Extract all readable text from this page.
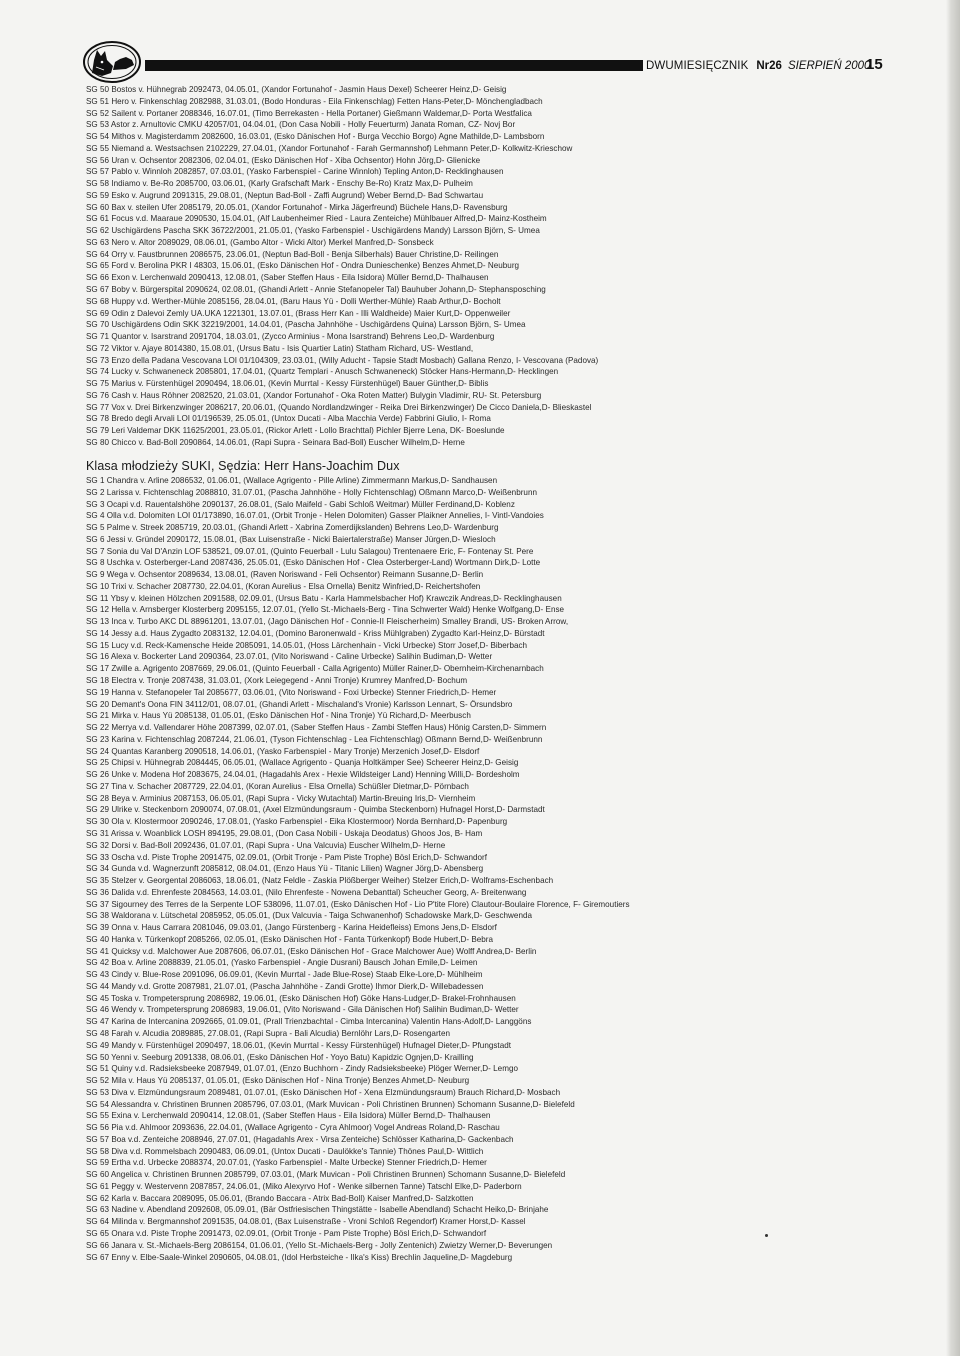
DWUMIESIĘCZNIK Nr26 SIERPIEŃ 2000
15
SG 50 Bostos v. Hühnegrab 2092473, 04.05.01, (Xandor Fortunahof - Jasmin Haus Dexel) Scheerer Heinz,D- Geisig
SG 51 Hero v. Finkenschlag 2082988, 31.03.01, (Bodo Honduras - Eila Finkenschlag) Fetten Hans-Peter,D- Mönchengladbach
SG 52 Sailent v. Portaner 2088346, 16.07.01, (Timo Berrekasten - Hella Portaner) Gießmann Waldemar,D- Porta Westfalica
SG 53 Astor z. Arnultovic CMKU 42057/01, 04.04.01, (Don Casa Nobili - Holly Feuerturm) Janata Roman, CZ- Novj Bor
SG 54 Mithos v. Magisterdamm 2082600, 16.03.01, (Esko Dänischen Hof - Burga Vecchio Borgo) Agne Mathilde,D- Lambsborn
SG 55 Niemand a. Westsachsen 2102229, 27.04.01, (Xandor Fortunahof - Farah Germannshof) Lehmann Peter,D- Kolkwitz-Krieschow
SG 56 Uran v. Ochsentor 2082306, 02.04.01, (Esko Dänischen Hof - Xiba Ochsentor) Hohn Jörg,D- Glienicke
SG 57 Pablo v. Winnloh 2082857, 07.03.01, (Yasko Farbenspiel - Carine Winnloh) Tepling Anton,D- Recklinghausen
SG 58 Indiamo v. Be-Ro 2085700, 03.06.01, (Karly Grafschaft Mark - Enschy Be-Ro) Kratz Max,D- Pulheim
SG 59 Esko v. Augrund 2091315, 29.08.01, (Neptun Bad-Boll - Zaffi Augrund) Weber Bernd,D- Bad Schwartau
SG 60 Bax v. steilen Ufer 2085179, 20.05.01, (Xandor Fortunahof - Mirka Jägerfreund) Büchele Hans,D- Ravensburg
SG 61 Focus v.d. Maaraue 2090530, 15.04.01, (Alf Laubenheimer Ried - Laura Zenteiche) Mühlbauer Alfred,D- Mainz-Kostheim
SG 62 Uschigärdens Pascha SKK 36722/2001, 21.05.01, (Yasko Farbenspiel - Uschigärdens Mandy) Larsson Björn, S- Umea
SG 63 Nero v. Altor 2089029, 08.06.01, (Gambo Altor - Wicki Altor) Merkel Manfred,D- Sonsbeck
SG 64 Orry v. Faustbrunnen 2086575, 23.06.01, (Neptun Bad-Boll - Benja Silberhals) Bauer Christine,D- Reilingen
SG 65 Ford v. Berolina PKR I 48303, 15.06.01, (Esko Dänischen Hof - Ondra Dunieschenke) Benzes Ahmet,D- Neuburg
SG 66 Exon v. Lerchenwald 2090413, 12.08.01, (Saber Steffen Haus - Eila Isidora) Müller Bernd,D- Thalhausen
SG 67 Boby v. Bürgerspital 2090624, 02.08.01, (Ghandi Arlett - Annie Stefanopeler Tal) Bauhuber Johann,D- Stephansposching
SG 68 Huppy v.d. Werther-Mühle 2085156, 28.04.01, (Baru Haus Yü - Dolli Werther-Mühle) Raab Arthur,D- Bocholt
SG 69 Odin z Dalevoi Zemly UA.UKA 1221301, 13.07.01, (Brass Herr Kan - Illi Waldheide) Maier Kurt,D- Oppenweiler
SG 70 Uschigärdens Odin SKK 32219/2001, 14.04.01, (Pascha Jahnhöhe - Uschigärdens Quina) Larsson Björn, S- Umea
SG 71 Quantor v. Isarstrand 2091704, 18.03.01, (Zycco Arminius - Mona Isarstrand) Behrens Leo,D- Wardenburg
SG 72 Viktor v. Ajaye 8014380, 15.08.01, (Ursus Batu - Isis Quartier Latin) Statham Richard, US- Westland,
SG 73 Enzo della Padana Vescovana LOI 01/104309, 23.03.01, (Willy Aducht - Tapsie Stadt Mosbach) Gallana Renzo, I- Vescovana (Padova)
SG 74 Lucky v. Schwaneneck 2085801, 17.04.01, (Quartz Templari - Anusch Schwaneneck) Stöcker Hans-Hermann,D- Hecklingen
SG 75 Marius v. Fürstenhügel 2090494, 18.06.01, (Kevin Murrtal - Kessy Fürstenhügel) Bauer Günther,D- Biblis
SG 76 Cash v. Haus Röhner 2082520, 21.03.01, (Xandor Fortunahof - Oka Roten Matter) Bulygin Vladimir, RU- St. Petersburg
SG 77 Vox v. Drei Birkenzwinger 2086217, 20.06.01, (Quando Nordlandzwinger - Reika Drei Birkenzwinger) De Cicco Daniela,D- Blieskastel
SG 78 Bredo degli Arvali LOI 01/196539, 25.05.01, (Untox Ducati - Alba Macchia Verde) Fabbrini Giulio, I- Roma
SG 79 Leri Valdemar DKK 11625/2001, 23.05.01, (Rickor Arlett - Lollo Brachttal) Pichler Bjerre Lena, DK- Boeslunde
SG 80 Chicco v. Bad-Boll 2090864, 14.06.01, (Rapi Supra - Seinara Bad-Boll) Euscher Wilhelm,D- Herne
Klasa młodzieży SUKI, Sędzia: Herr Hans-Joachim Dux
SG 1 Chandra v. Arline 2086532, 01.06.01, (Wallace Agrigento - Pille Arline) Zimmermann Markus,D- Sandhausen
SG 2 Larissa v. Fichtenschlag 2088810, 31.07.01, (Pascha Jahnhöhe - Holly Fichtenschlag) Oßmann Marco,D- Weißenbrunn
SG 3 Ocapi v.d. Rauentalshöhe 2090137, 26.08.01, (Salo Maifeld - Gabi Schloß Weitmar) Müller Ferdinand,D- Koblenz
SG 4 Olla v.d. Dolomiten LOI 01/173890, 16.07.01, (Orbit Tronje - Helen Dolomiten) Gasser Plaikner Annelies, I- Vintl-Vandoies
SG 5 Palme v. Streek 2085719, 20.03.01, (Ghandi Arlett - Xabrina Zomerdijkslanden) Behrens Leo,D- Wardenburg
SG 6 Jessi v. Gründel 2090172, 15.08.01, (Bax Luisenstraße - Nicki Baiertalerstraße) Manser Jürgen,D- Wiesloch
SG 7 Sonia du Val D'Anzin LOF 538521, 09.07.01, (Quinto Feuerball - Lulu Salagou) Trentenaere Eric, F- Fontenay St. Pere
SG 8 Uschka v. Osterberger-Land 2087436, 25.05.01, (Esko Dänischen Hof - Clea Osterberger-Land) Wortmann Dirk,D- Lotte
SG 9 Wega v. Ochsentor 2089634, 13.08.01, (Raven Noriswand - Feli Ochsentor) Reimann Susanne,D- Berlin
SG 10 Trixi v. Schacher 2087730, 22.04.01, (Koran Aurelius - Elsa Ornella) Benitz Winfried,D- Reichertshofen
SG 11 Ybsy v. kleinen Hölzchen 2091588, 02.09.01, (Ursus Batu - Karla Hammelsbacher Hof) Krawczik Andreas,D- Recklinghausen
SG 12 Hella v. Arnsberger Klosterberg 2095155, 12.07.01, (Yello St.-Michaels-Berg - Tina Schwerter Wald) Henke Wolfgang,D- Ense
SG 13 Inca v. Turbo AKC DL 88961201, 13.07.01, (Jago Dänischen Hof - Connie-II Fleischerheim) Smalley Brandi, US- Broken Arrow,
SG 14 Jessy a.d. Haus Zygadto 2083132, 12.04.01, (Domino Baronenwald - Kriss Mühlgraben) Zygadto Karl-Heinz,D- Bürstadt
SG 15 Lucy v.d. Reck-Kamensche Heide 2085091, 14.05.01, (Hoss Lärchenhain - Vicki Urbecke) Storr Josef,D- Biberbach
SG 16 Alexa v. Bockerter Land 2090364, 23.07.01, (Vito Noriswand - Caline Urbecke) Salihin Budiman,D- Wetter
SG 17 Zwille a. Agrigento 2087669, 29.06.01, (Quinto Feuerball - Calla Agrigento) Müller Rainer,D- Obernheim-Kirchenarnbach
SG 18 Electra v. Tronje 2087438, 31.03.01, (Xork Leiegegend - Anni Tronje) Krumrey Manfred,D- Bochum
SG 19 Hanna v. Stefanopeler Tal 2085677, 03.06.01, (Vito Noriswand - Foxi Urbecke) Stenner Friedrich,D- Hemer
SG 20 Demant's Oona FIN 34112/01, 08.07.01, (Ghandi Arlett - Mischaland's Vronie) Karlsson Lennart, S- Örsundsbro
SG 21 Mirka v. Haus Yü 2085138, 01.05.01, (Esko Dänischen Hof - Nina Tronje) Yü Richard,D- Meerbusch
SG 22 Merrya v.d. Vallendarer Höhe 2087399, 02.07.01, (Saber Steffen Haus - Zambi Steffen Haus) Hönig Carsten,D- Simmern
SG 23 Karina v. Fichtenschlag 2087244, 21.06.01, (Tyson Fichtenschlag - Lea Fichtenschlag) Oßmann Bernd,D- Weißenbrunn
SG 24 Quantas Karanberg 2090518, 14.06.01, (Yasko Farbenspiel - Mary Tronje) Merzenich Josef,D- Elsdorf
SG 25 Chipsi v. Hühnegrab 2084445, 06.05.01, (Wallace Agrigento - Quanja Holtkämper See) Scheerer Heinz,D- Geisig
SG 26 Unke v. Modena Hof 2083675, 24.04.01, (Hagadahls Arex - Hexie Wildsteiger Land) Henning Willi,D- Bordesholm
SG 27 Tina v. Schacher 2087729, 22.04.01, (Koran Aurelius - Elsa Ornella) Schüßler Dietmar,D- Pörnbach
SG 28 Beya v. Arminius 2087153, 06.05.01, (Rapi Supra - Vicky Wutachtal) Martin-Breuing Iris,D- Viernheim
SG 29 Ulrike v. Steckenborn 2090074, 07.08.01, (Axel Elzmündungsraum - Quimba Steckenborn) Hufnagel Horst,D- Darmstadt
SG 30 Ola v. Klostermoor 2090246, 17.08.01, (Yasko Farbenspiel - Eika Klostermoor) Norda Bernhard,D- Papenburg
SG 31 Arissa v. Woanblick LOSH 894195, 29.08.01, (Don Casa Nobili - Uskaja Deodatus) Ghoos Jos, B- Ham
SG 32 Dorsi v. Bad-Boll 2092436, 01.07.01, (Rapi Supra - Una Valcuvia) Euscher Wilhelm,D- Herne
SG 33 Oscha v.d. Piste Trophe 2091475, 02.09.01, (Orbit Tronje - Pam Piste Trophe) Bösl Erich,D- Schwandorf
SG 34 Gunda v.d. Wagnerzunft 2085812, 08.04.01, (Enzo Haus Yü - Titanic Lilien) Wagner Jörg,D- Abensberg
SG 35 Stelzer v. Georgental 2086063, 18.06.01, (Natz Feldle - Zaskia Plößberger Weiher) Stelzer Erich,D- Wolframs-Eschenbach
SG 36 Dalida v.d. Ehrenfeste 2084563, 14.03.01, (Nilo Ehrenfeste - Nowena Debanttal) Scheucher Georg, A- Breitenwang
SG 37 Sigourney des Terres de la Serpente LOF 538096, 11.07.01, (Esko Dänischen Hof - Lio P'tite Flore) Clautour-Boulaire Florence, F- Giremoutiers
SG 38 Waldorana v. Lütschetal 2085952, 05.05.01, (Dux Valcuvia - Taiga Schwanenhof) Schadowske Mark,D- Geschwenda
SG 39 Onna v. Haus Carrara 2081046, 09.03.01, (Jango Fürstenberg - Karina Heidefleiss) Emons Jens,D- Elsdorf
SG 40 Hanka v. Türkenkopf 2085266, 02.05.01, (Esko Dänischen Hof - Fanta Türkenkopf) Bode Hubert,D- Bebra
SG 41 Quicksy v.d. Malchower Aue 2087606, 06.07.01, (Esko Dänischen Hof - Grace Malchower Aue) Wolff Andrea,D- Berlin
SG 42 Boa v. Arline 2088839, 21.05.01, (Yasko Farbenspiel - Angie Dusrani) Bausch Johan Emile,D- Leimen
SG 43 Cindy v. Blue-Rose 2091096, 06.09.01, (Kevin Murrtal - Jade Blue-Rose) Staab Elke-Lore,D- Mühlheim
SG 44 Mandy v.d. Grotte 2087981, 21.07.01, (Pascha Jahnhöhe - Zandi Grotte) Ihmor Dierk,D- Willebadessen
SG 45 Toska v. Trompetersprung 2086982, 19.06.01, (Esko Dänischen Hof) Göke Hans-Ludger,D- Brakel-Frohnhausen
SG 46 Wendy v. Trompetersprung 2086983, 19.06.01, (Vito Noriswand - Gila Dänischen Hof) Salihin Budiman,D- Wetter
SG 47 Karina de Intercanina 2092665, 01.09.01, (Prall Trienzbachtal - Cimba Intercanina) Valentin Hans-Adolf,D- Langgöns
SG 48 Farah v. Alcudia 2089885, 27.08.01, (Rapi Supra - Bali Alcudia) Bernlöhr Lars,D- Rosengarten
SG 49 Mandy v. Fürstenhügel 2090497, 18.06.01, (Kevin Murrtal - Kessy Fürstenhügel) Hufnagel Dieter,D- Pfungstadt
SG 50 Yenni v. Seeburg 2091338, 08.06.01, (Esko Dänischen Hof - Yoyo Batu) Kapidzic Ognjen,D- Krailling
SG 51 Quiny v.d. Radsieksbeeke 2087949, 01.07.01, (Enzo Buchhorn - Zindy Radsieksbeeke) Plöger Werner,D- Lemgo
SG 52 Mila v. Haus Yü 2085137, 01.05.01, (Esko Dänischen Hof - Nina Tronje) Benzes Ahmet,D- Neuburg
SG 53 Diva v. Elzmündungsraum 2089481, 01.07.01, (Esko Dänischen Hof - Xena Elzmündungsraum) Brauch Richard,D- Mosbach
SG 54 Alessandra v. Christinen Brunnen 2085796, 07.03.01, (Mark Muvican - Poli Christinen Brunnen) Schomann Susanne,D- Bielefeld
SG 55 Exina v. Lerchenwald 2090414, 12.08.01, (Saber Steffen Haus - Eila Isidora) Müller Bernd,D- Thalhausen
SG 56 Pia v.d. Ahlmoor 2093636, 22.04.01, (Wallace Agrigento - Cyra Ahlmoor) Vogel Andreas Roland,D- Raschau
SG 57 Boa v.d. Zenteiche 2088946, 27.07.01, (Hagadahls Arex - Virsa Zenteiche) Schlösser Katharina,D- Gackenbach
SG 58 Diva v.d. Rommelsbach 2090483, 06.09.01, (Untox Ducati - Daulökke's Tannie) Thönes Paul,D- Wittlich
SG 59 Ertha v.d. Urbecke 2088374, 20.07.01, (Yasko Farbenspiel - Malte Urbecke) Stenner Friedrich,D- Hemer
SG 60 Angelica v. Christinen Brunnen 2085799, 07.03.01, (Mark Muvican - Poli Christinen Brunnen) Schomann Susanne,D- Bielefeld
SG 61 Peggy v. Westervenn 2087857, 24.06.01, (Miko Alexyrvo Hof - Wenke silbernen Tanne) Tatschl Elke,D- Paderborn
SG 62 Karla v. Baccara 2089095, 05.06.01, (Brando Baccara - Atrix Bad-Boll) Kaiser Manfred,D- Salzkotten
SG 63 Nadine v. Abendland 2092608, 05.09.01, (Bär Ostfriesischen Thingstätte - Isabelle Abendland) Schacht Heiko,D- Brinjahe
SG 64 Milinda v. Bergmannshof 2091535, 04.08.01, (Bax Luisenstraße - Vroni Schloß Regendorf) Kramer Horst,D- Kassel
SG 65 Onara v.d. Piste Trophe 2091473, 02.09.01, (Orbit Tronje - Pam Piste Trophe) Bösl Erich,D- Schwandorf
SG 66 Janara v. St.-Michaels-Berg 2086154, 01.06.01, (Yello St.-Michaels-Berg - Jolly Zentenich) Zwietzy Werner,D- Beverungen
SG 67 Enny v. Elbe-Saale-Winkel 2090605, 04.08.01, (Idol Herbsteiche - Ilka's Kiss) Brechlin Jaqueline,D- Magdeburg
